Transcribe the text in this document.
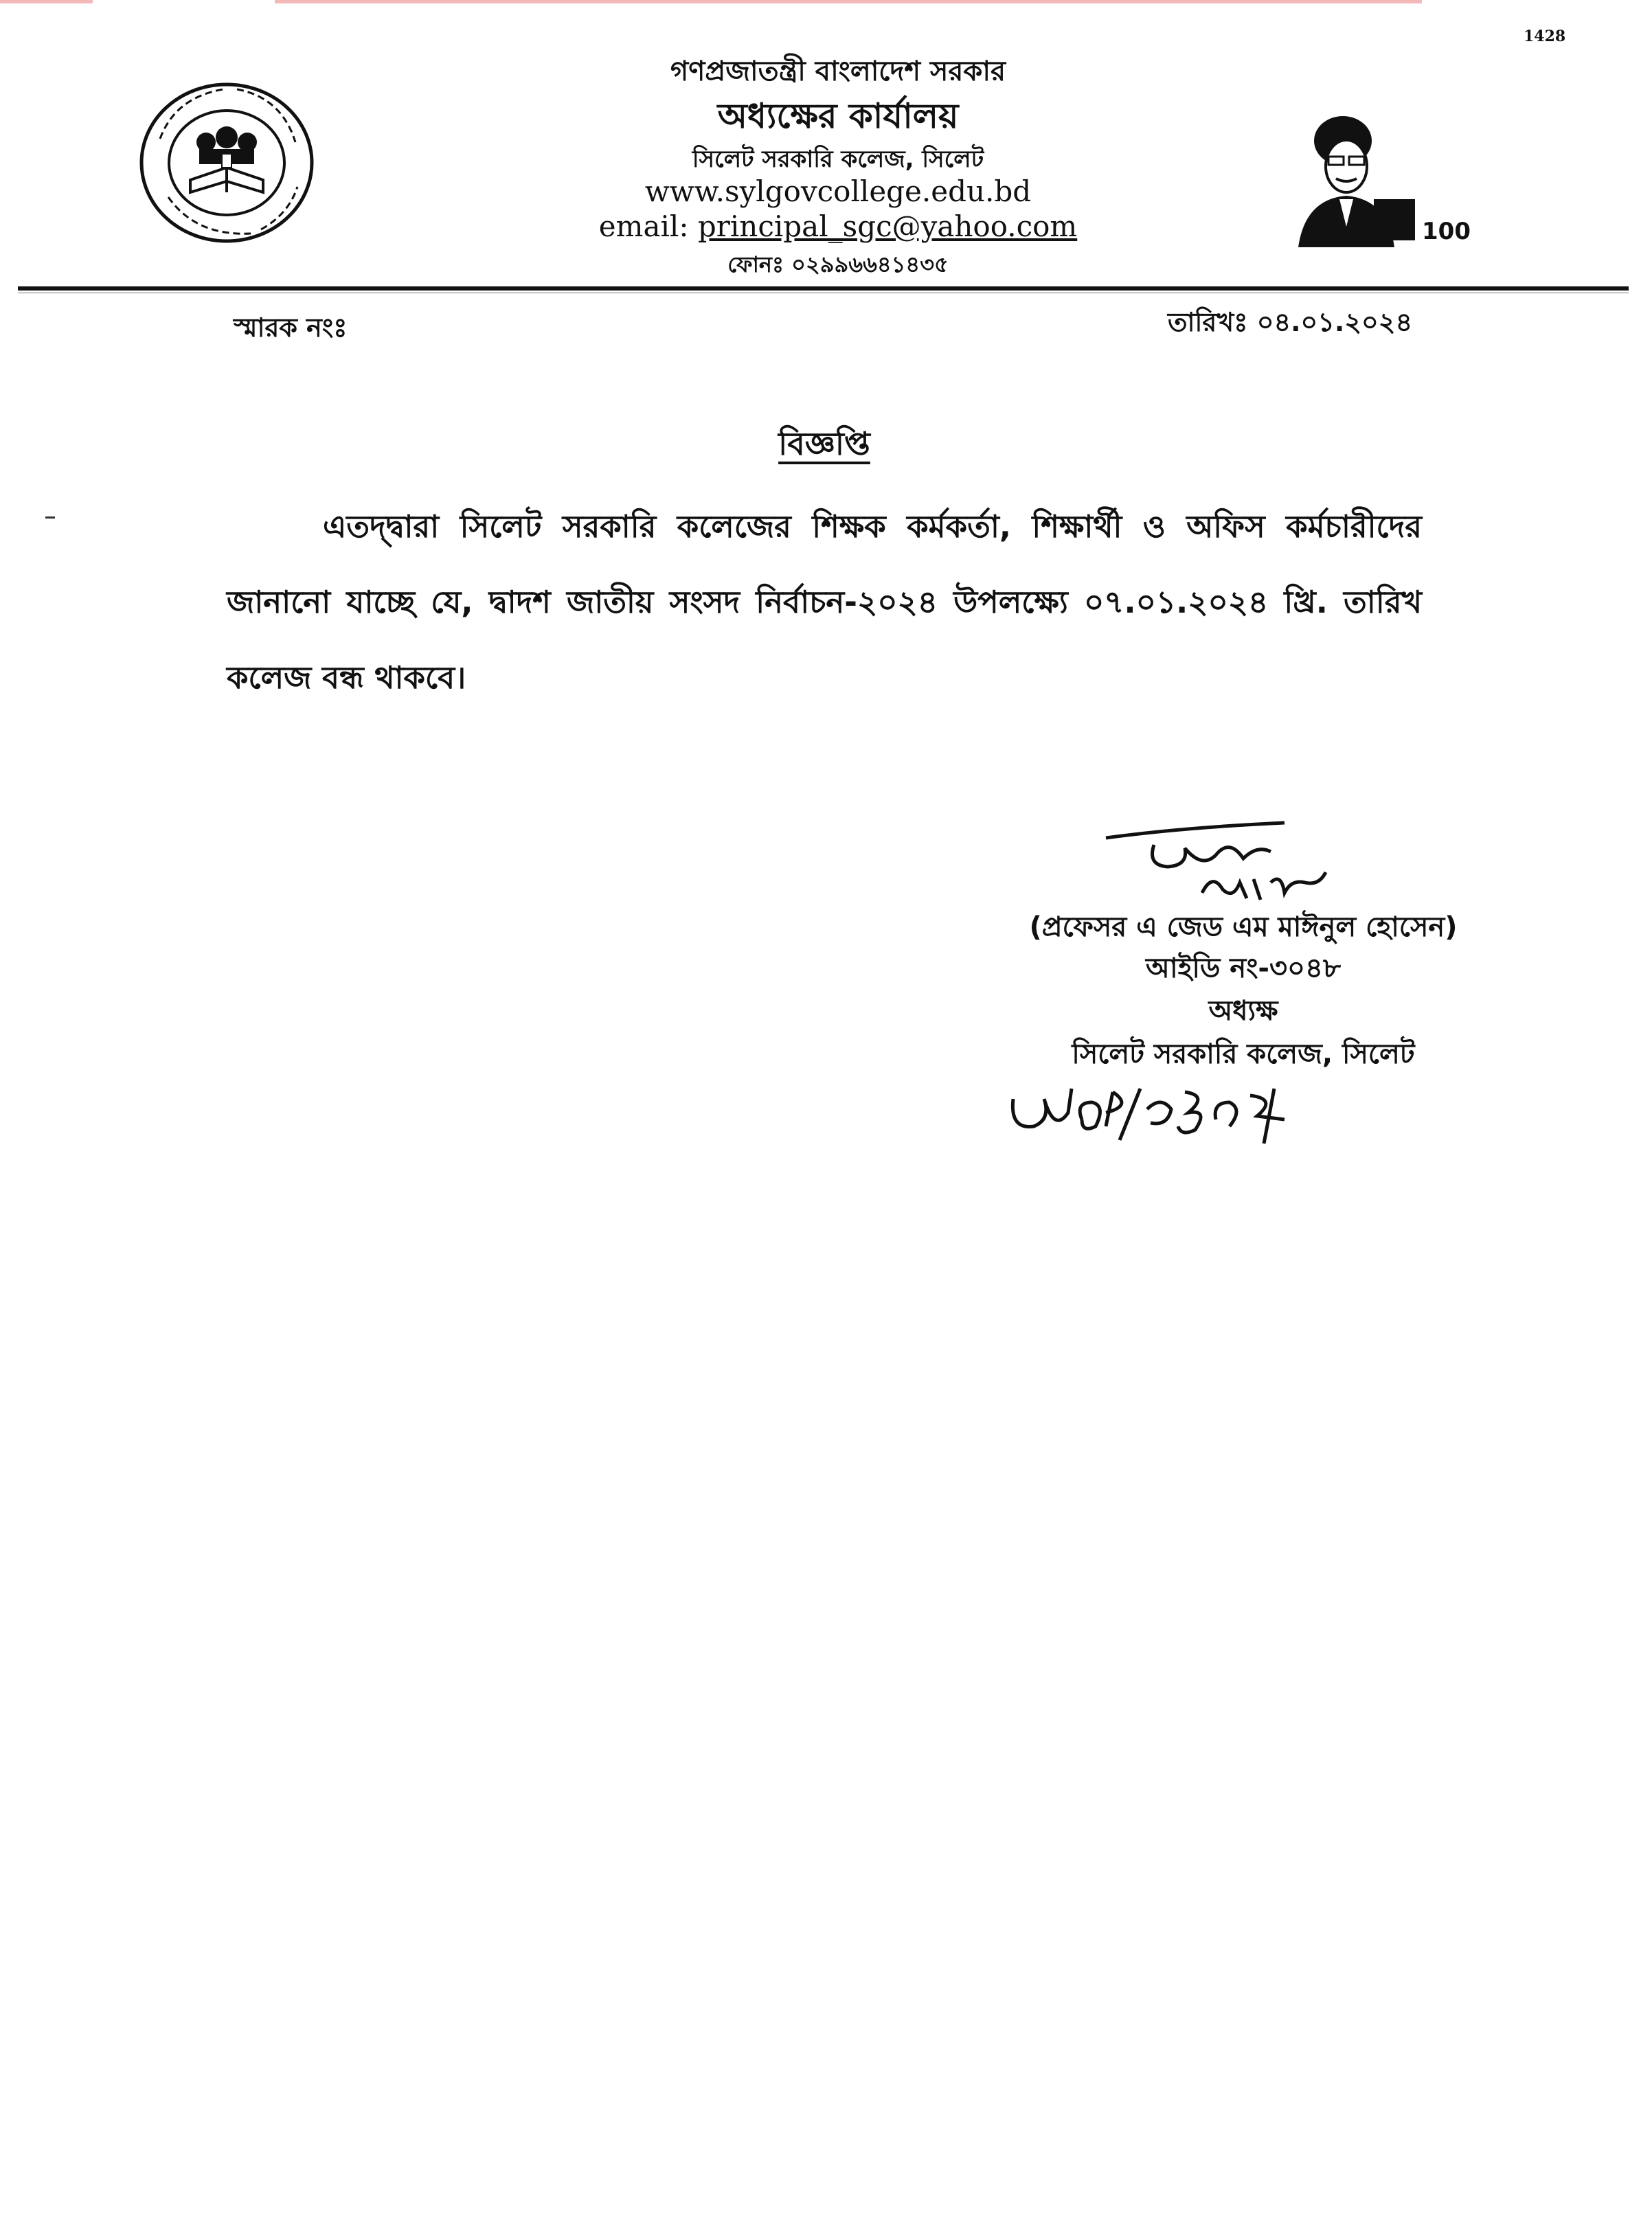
1428
100
গণপ্রজাতন্ত্রী বাংলাদেশ সরকার
অধ্যক্ষের কার্যালয়
সিলেট সরকারি কলেজ, সিলেট
www.sylgovcollege.edu.bd
email: principal_sgc@yahoo.com
ফোনঃ ০২৯৯৬৬৪১৪৩৫
স্মারক নংঃ	তারিখঃ ০৪.০১.২০২৪
বিজ্ঞপ্তি
এতদ্দ্বারা সিলেট সরকারি কলেজের শিক্ষক কর্মকর্তা, শিক্ষার্থী ও অফিস কর্মচারীদের জানানো যাচ্ছে যে, দ্বাদশ জাতীয় সংসদ নির্বাচন-২০২৪ উপলক্ষ্যে ০৭.০১.২০২৪ খ্রি. তারিখ কলেজ বন্ধ থাকবে।
(প্রফেসর এ জেড এম মাঈনুল হোসেন)
আইডি নং-৩০৪৮
অধ্যক্ষ
সিলেট সরকারি কলেজ, সিলেট
